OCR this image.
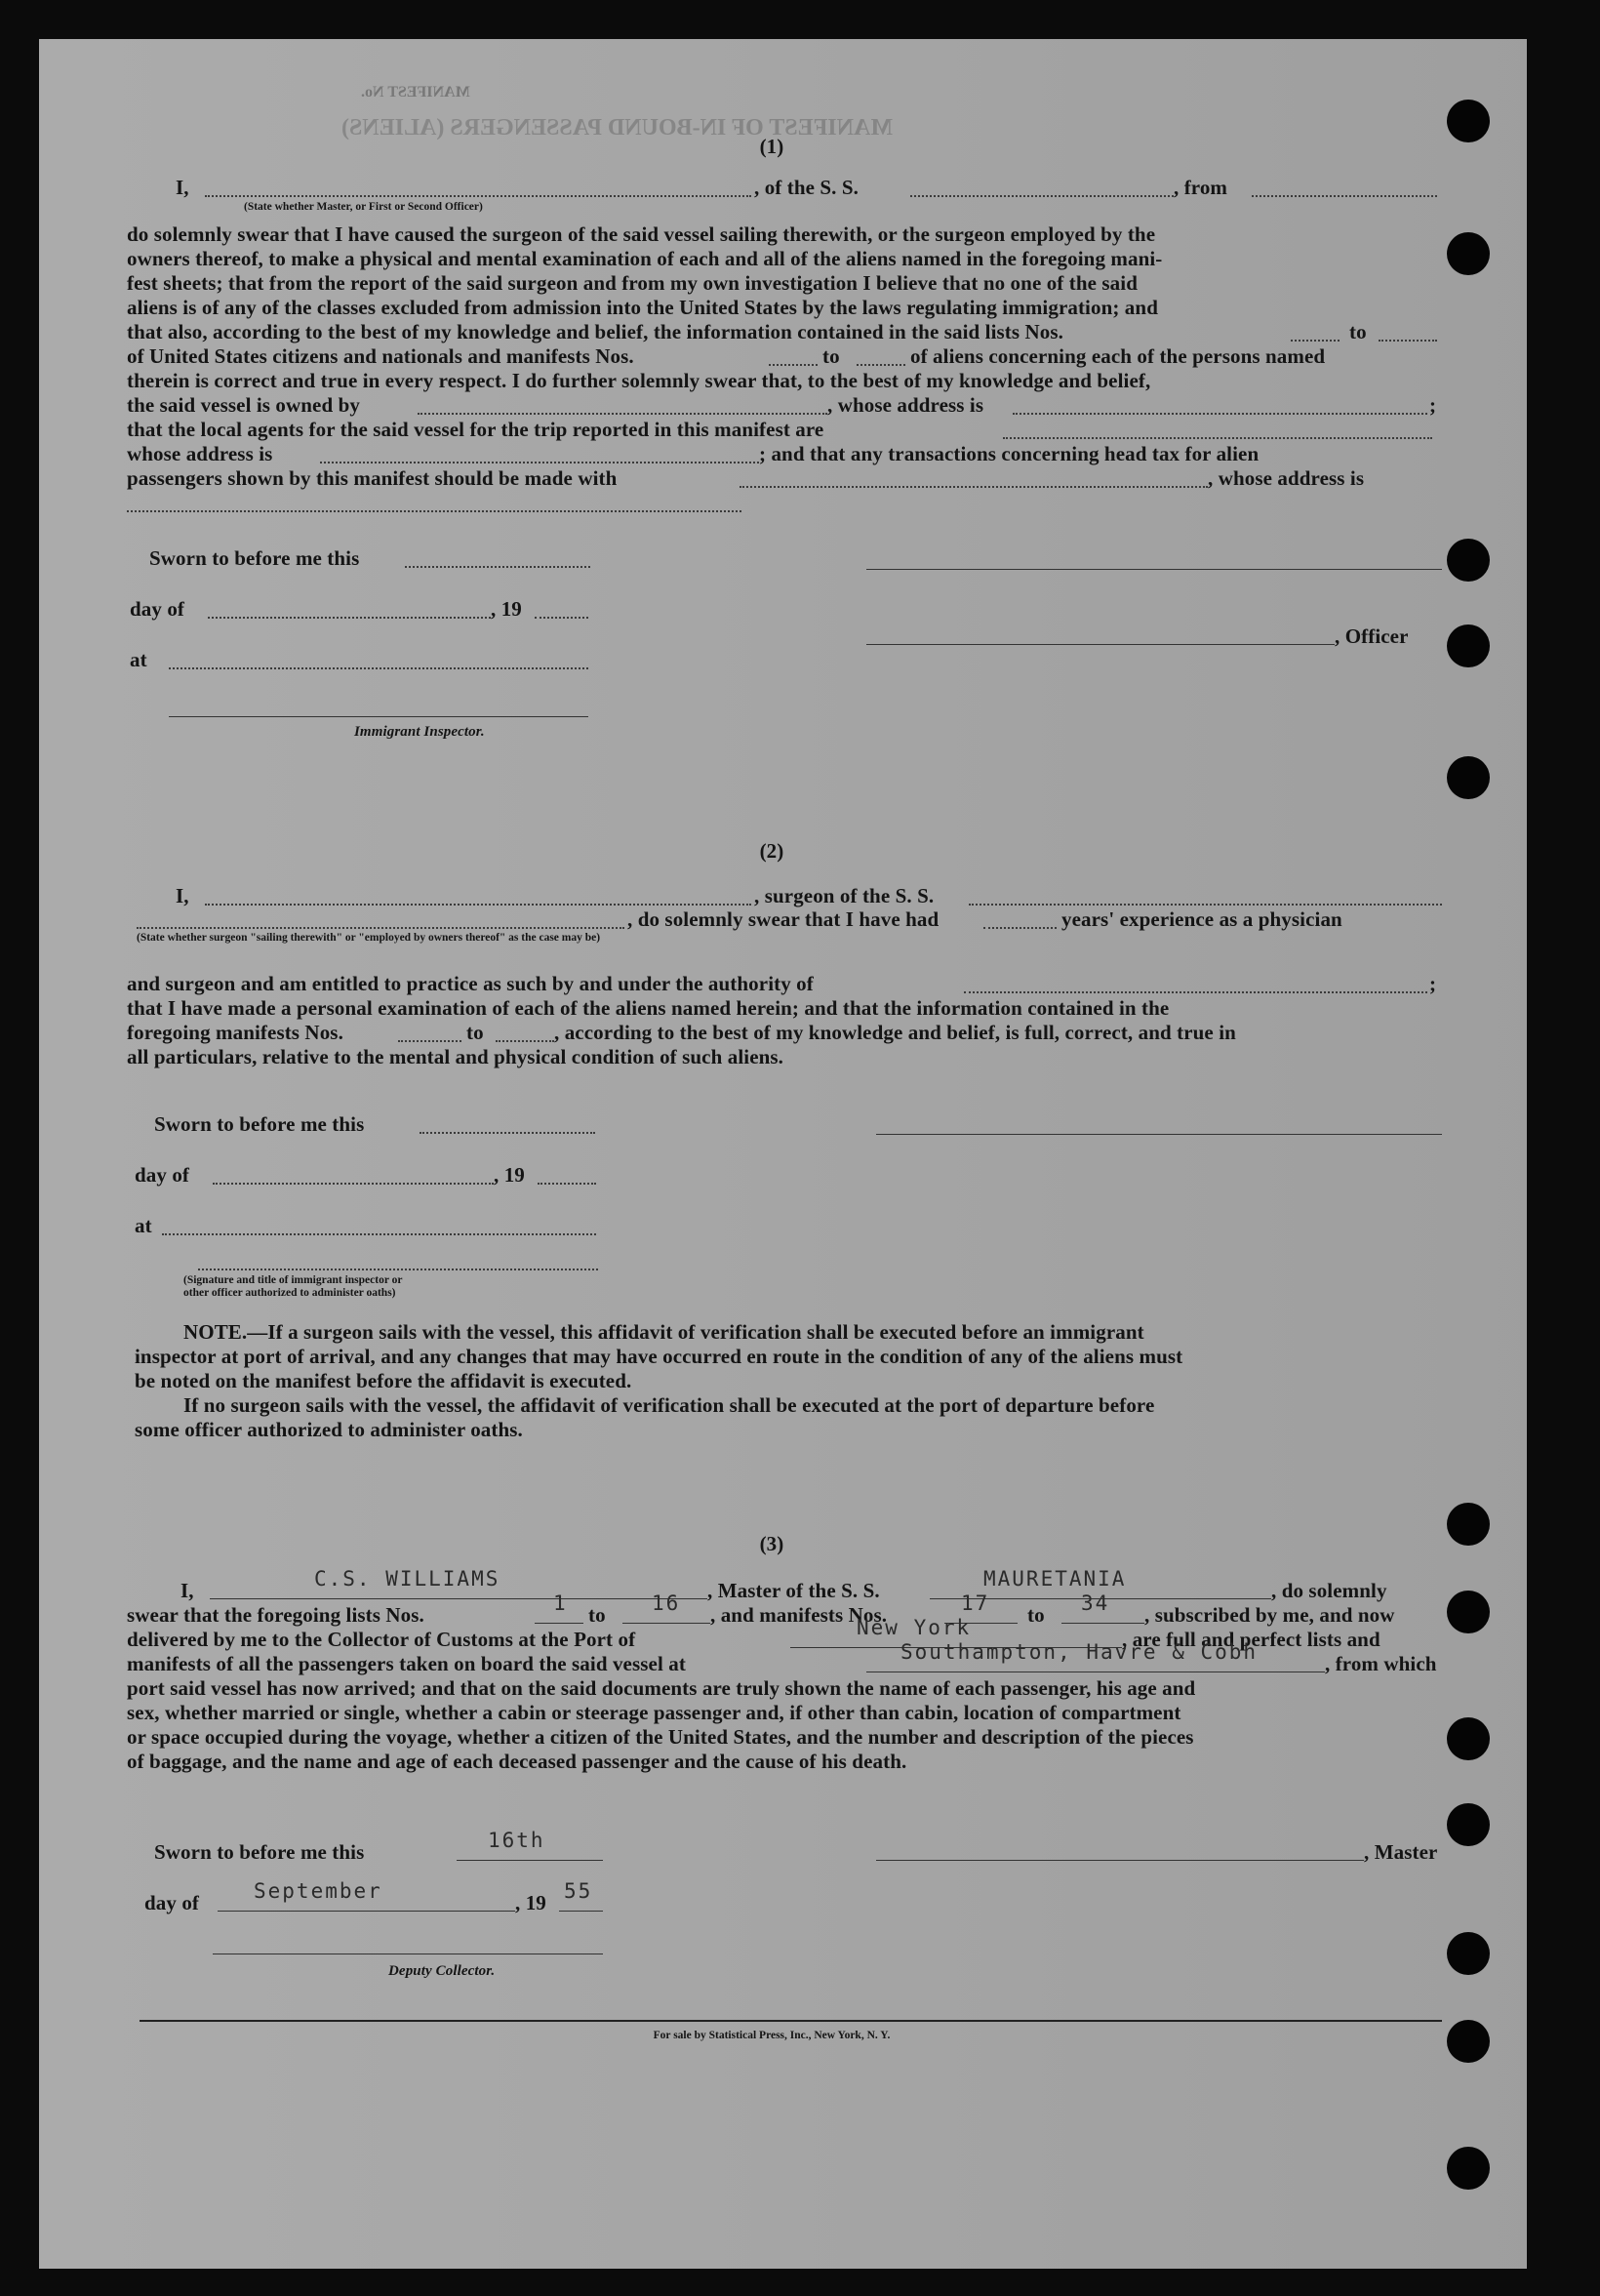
MANIFEST No.
MANIFEST OF IN-BOUND PASSENGERS (ALIENS)
(1)
I,	, of the S. S.	, from
(State whether Master, or First or Second Officer)
do solemnly swear that I have caused the surgeon of the said vessel sailing therewith, or the surgeon employed by the
owners thereof, to make a physical and mental examination of each and all of the aliens named in the foregoing mani-
fest sheets; that from the report of the said surgeon and from my own investigation I believe that no one of the said
aliens is of any of the classes excluded from admission into the United States by the laws regulating immigration; and
that also, according to the best of my knowledge and belief, the information contained in the said lists Nos.	to
of United States citizens and nationals and manifests Nos.	to	of aliens concerning each of the persons named
therein is correct and true in every respect. I do further solemnly swear that, to the best of my knowledge and belief,
the said vessel is owned by	, whose address is	;
that the local agents for the said vessel for the trip reported in this manifest are
whose address is	; and that any transactions concerning head tax for alien
passengers shown by this manifest should be made with	, whose address is
Sworn to before me this
day of	, 19
, Officer
at
Immigrant Inspector.
(2)
I,	, surgeon of the S. S.
(State whether surgeon "sailing therewith" or "employed by owners thereof" as the case may be)
, do solemnly swear that I have had	years' experience as a physician
and surgeon and am entitled to practice as such by and under the authority of	;
that I have made a personal examination of each of the aliens named herein; and that the information contained in the
foregoing manifests Nos.	to	, according to the best of my knowledge and belief, is full, correct, and true in
all particulars, relative to the mental and physical condition of such aliens.
Sworn to before me this
day of	, 19
at
(Signature and title of immigrant inspector or
other officer authorized to administer oaths)
NOTE.—If a surgeon sails with the vessel, this affidavit of verification shall be executed before an immigrant
inspector at port of arrival, and any changes that may have occurred en route in the condition of any of the aliens must
be noted on the manifest before the affidavit is executed.
If no surgeon sails with the vessel, the affidavit of verification shall be executed at the port of departure before
some officer authorized to administer oaths.
(3)
I,	C.S. WILLIAMS	, Master of the S. S.	MAURETANIA	, do solemnly
swear that the foregoing lists Nos.	1 to 16 , and manifests Nos.	17 to 34 , subscribed by me, and now
delivered by me to the Collector of Customs at the Port of	New York	, are full and perfect lists and
manifests of all the passengers taken on board the said vessel at	Southampton, Havre & Cobh	, from which
port said vessel has now arrived; and that on the said documents are truly shown the name of each passenger, his age and
sex, whether married or single, whether a cabin or steerage passenger and, if other than cabin, location of compartment
or space occupied during the voyage, whether a citizen of the United States, and the number and description of the pieces
of baggage, and the name and age of each deceased passenger and the cause of his death.
Sworn to before me this	16th	, Master
day of	September	, 19 55
Deputy Collector.
For sale by Statistical Press, Inc., New York, N. Y.
